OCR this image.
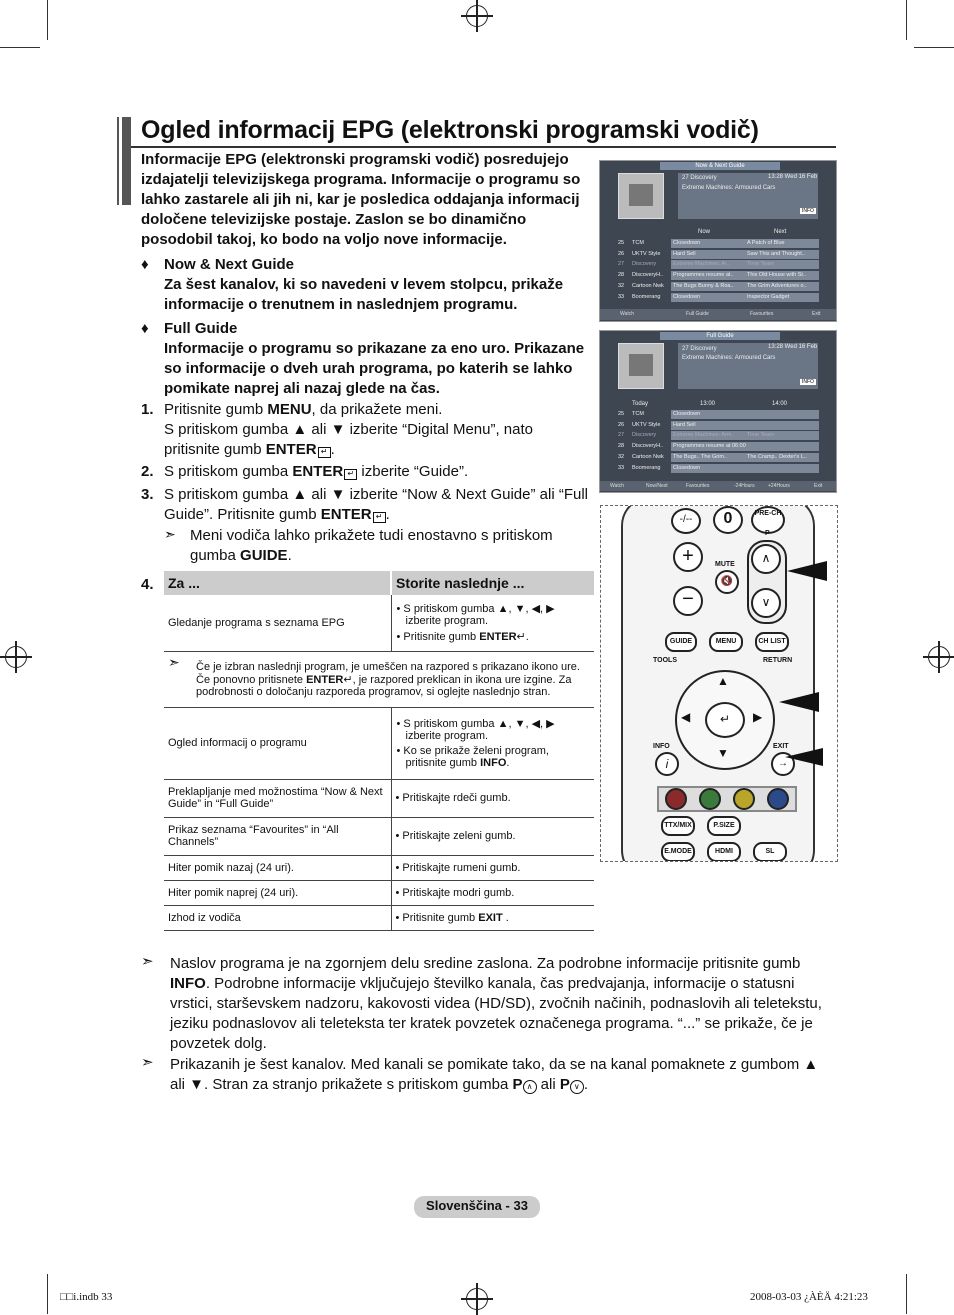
Ogled informacij EPG (elektronski programski vodič)
Informacije EPG (elektronski programski vodič) posredujejo izdajatelji televizijskega programa. Informacije o programu so lahko zastarele ali jih ni, kar je posledica oddajanja informacij določene televizijske postaje. Zaslon se bo dinamično posodobil takoj, ko bodo na voljo nove informacije.
♦ Now & Next Guide
Za šest kanalov, ki so navedeni v levem stolpcu, prikaže informacije o trenutnem in naslednjem programu.
♦ Full Guide
Informacije o programu so prikazane za eno uro. Prikazane so informacije o dveh urah programa, po katerih se lahko pomikate naprej ali nazaj glede na čas.
1. Pritisnite gumb MENU, da prikažete meni.
S pritiskom gumba ▲ ali ▼ izberite “Digital Menu”, nato pritisnite gumb ENTER ↵ .
2. S pritiskom gumba ENTER ↵ izberite “Guide”.
3. S pritiskom gumba ▲ ali ▼ izberite “Now & Next Guide” ali “Full Guide”. Pritisnite gumb ENTER ↵ .
➣ Meni vodiča lahko prikažete tudi enostavno s pritiskom gumba GUIDE.
4. Za ...	Storite naslednje ...
Gledanje programa s seznama EPG	• S pritiskom gumba ▲, ▼, ◀, ▶ izberite program.
• Pritisnite gumb ENTER↵.

➣ Če je izbran naslednji program, je umeščen na razpored s prikazano ikono ure. Če ponovno pritisnete ENTER↵, je razpored preklican in ikona ure izgine. Za podrobnosti o določanju razporeda programov, si oglejte naslednjo stran.	
Ogled informacij o programu	• S pritiskom gumba ▲, ▼, ◀, ▶ izberite program.
• Ko se prikaže želeni program, pritisnite gumb INFO.

Preklapljanje med možnostima “Now & Next Guide” in “Full Guide”	• Pritiskajte rdeči gumb.
Prikaz seznama “Favourites” in “All Channels”	• Pritiskajte zeleni gumb.
Hiter pomik nazaj (24 uri).	• Pritiskajte rumeni gumb.
Hiter pomik naprej (24 uri).	• Pritiskajte modri gumb.
Izhod iz vodiča	• Pritisnite gumb EXIT .
➣ Naslov programa je na zgornjem delu sredine zaslona. Za podrobne informacije pritisnite gumb INFO. Podrobne informacije vključujejo številko kanala, čas predvajanja, informacije o statusni vrstici, starševskem nadzoru, kakovosti videa (HD/SD), zvočnih načinih, podnaslovih ali teletekstu, jeziku podnaslovov ali teleteksta ter kratek povzetek označenega programa. “...” se prikaže, če je povzetek dolg.
➣ Prikazanih je šest kanalov. Med kanali se pomikate tako, da se na kanal pomaknete z gumbom ▲ ali ▼. Stran za stranjo prikažete s pritiskom gumba P ∧ ali P ∨ .
Now & Next Guide
27 Discovery	13:28 Wed 16 Feb
Extreme Machines: Armoured Cars
INFO
Now	Next
25	TCM	Closedown	A Patch of Blue
26	UKTV Style	Hard Sell	Saw This and Thought..
27	Discovery	Extreme Machines: Ar..	Time Team
28	DiscoveryH..	Programmes resume at..	This Old House with St..
32	Cartoon Nwk	The Bugs Bunny & Roa..	The Grim Adventures o..
33	Boomerang	Closedown	Inspector Gadget
Watch	Full Guide	Favourites	Exit
Full Guide
27 Discovery	13:28 Wed 16 Feb
Extreme Machines: Armoured Cars
INFO
Today	13:00	14:00
25	TCM	Closedown
26	UKTV Style	Hard Sell
27	Discovery	Extreme Machines: Arm..	Time Team
28	DiscoveryH..	Programmes resume at 06:00
32	Cartoon Nwk	The Bugs.. The Grim..	The Cramp.. Dexter's L..
33	Boomerang	Closedown
Watch	Now/Next	Favourites	-24Hours	+24Hours	Exit
-/--	0	PRE-CH
P
+
−
MUTE
🔇
∧
∨
GUIDE	MENU	CH LIST
TOOLS	RETURN
▲
◀	▶
▼
↵
INFO	EXIT
i	→
TTX/MIX	P.SIZE
E.MODE	HDMI	SL
Slovenščina - 33
□□i.indb 33	2008-03-03 ¿ÀÈÄ 4:21:23
